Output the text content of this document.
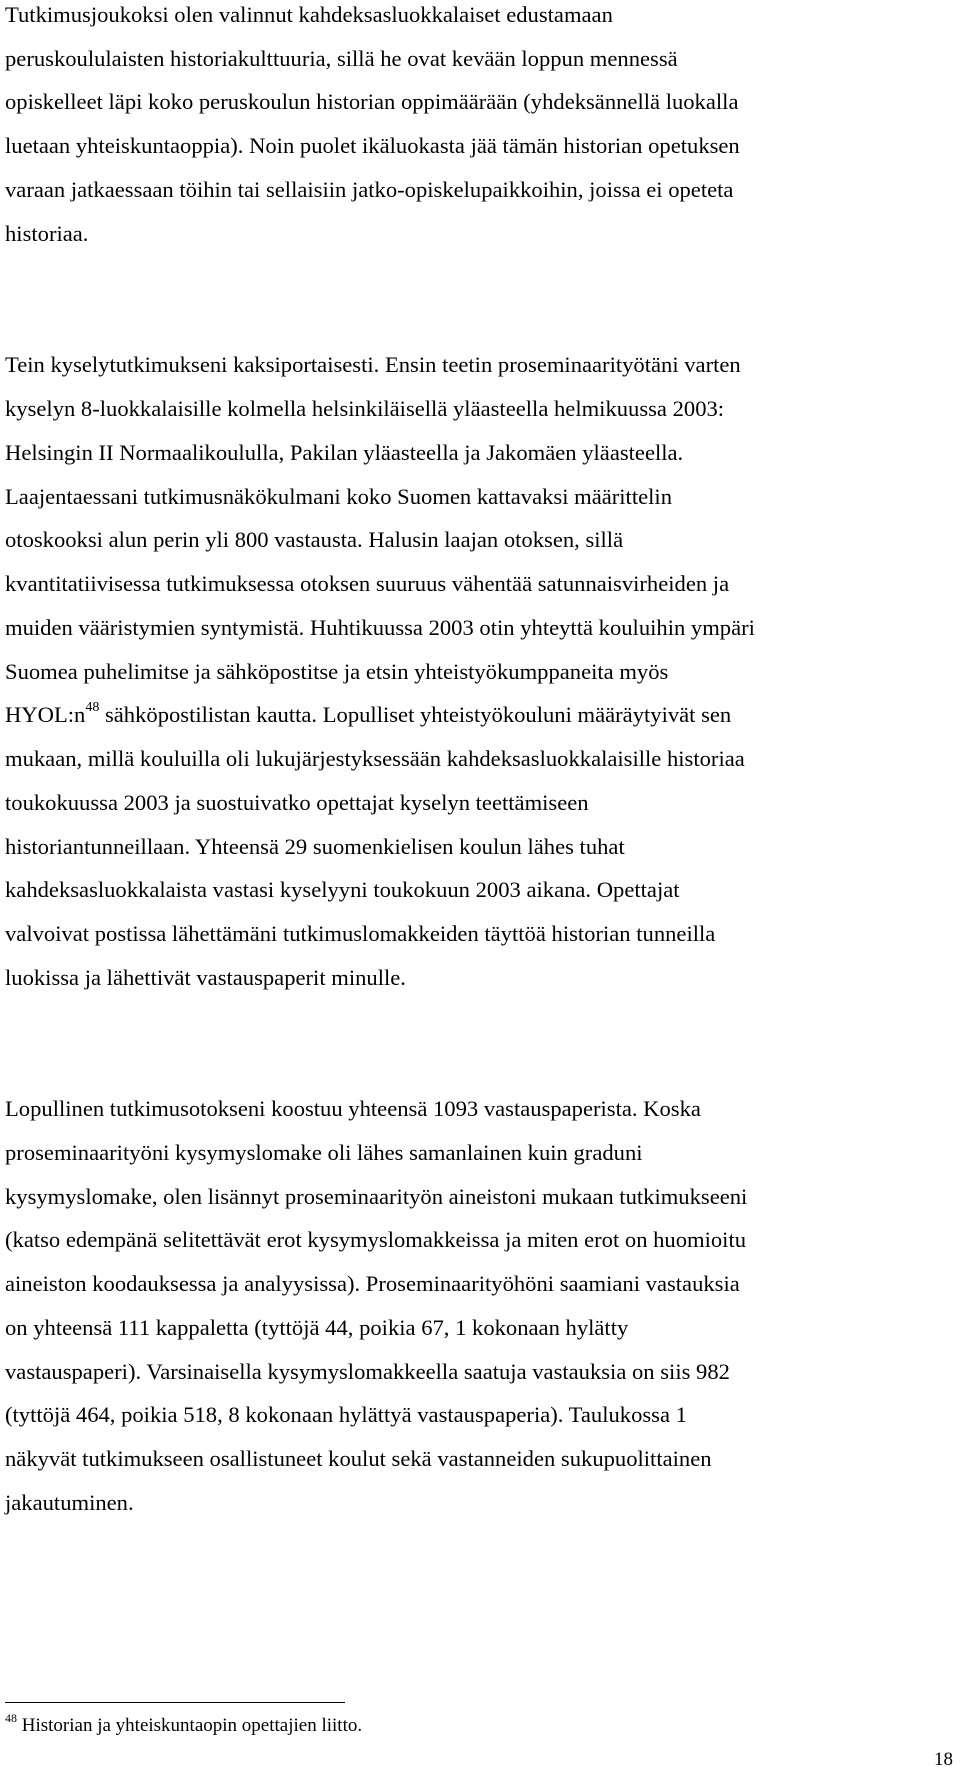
Tutkimusjoukoksi olen valinnut kahdeksasluokkalaiset edustamaan
peruskoululaisten historiakulttuuria, sillä he ovat kevään loppun mennessä
opiskelleet läpi koko peruskoulun historian oppimäärään (yhdeksännellä luokalla
luetaan yhteiskuntaoppia). Noin puolet ikäluokasta jää tämän historian opetuksen
varaan jatkaessaan töihin tai sellaisiin jatko-opiskelupaikkoihin, joissa ei opeteta
historiaa.
Tein kyselytutkimukseni kaksiportaisesti. Ensin teetin proseminaarityötäni varten
kyselyn 8-luokkalaisille kolmella helsinkiläisellä yläasteella helmikuussa 2003:
Helsingin II Normaalikoululla, Pakilan yläasteella ja Jakomäen yläasteella.
Laajentaessani tutkimusnäkökulmani koko Suomen kattavaksi määrittelin
otoskooksi alun perin yli 800 vastausta. Halusin laajan otoksen, sillä
kvantitatiivisessa tutkimuksessa otoksen suuruus vähentää satunnaisvirheiden ja
muiden vääristymien syntymistä. Huhtikuussa 2003 otin yhteyttä kouluihin ympäri
Suomea puhelimitse ja sähköpostitse ja etsin yhteistyökumppaneita myös
HYOL:n$^{48}$ sähköpostilistan kautta. Lopulliset yhteistyökouluni määräytyivät sen
mukaan, millä kouluilla oli lukujärjestyksessään kahdeksasluokkalaisille historiaa
toukokuussa 2003 ja suostuivatko opettajat kyselyn teettämiseen
historiantunneillaan. Yhteensä 29 suomenkielisen koulun lähes tuhat
kahdeksasluokkalaista vastasi kyselyyni toukokuun 2003 aikana. Opettajat
valvoivat postissa lähettämäni tutkimuslomakkeiden täyttöä historian tunneilla
luokissa ja lähettivät vastauspaperit minulle.
Lopullinen tutkimusotokseni koostuu yhteensä 1093 vastauspaperista. Koska
proseminaarityöni kysymyslomake oli lähes samanlainen kuin graduni
kysymyslomake, olen lisännyt proseminaarityön aineistoni mukaan tutkimukseeni
(katso edempänä selitettävät erot kysymyslomakkeissa ja miten erot on huomioitu
aineiston koodauksessa ja analyysissa). Proseminaarityöhöni saamiani vastauksia
on yhteensä 111 kappaletta (tyttöjä 44, poikia 67, 1 kokonaan hylätty
vastauspaperi). Varsinaisella kysymyslomakkeella saatuja vastauksia on siis 982
(tyttöjä 464, poikia 518, 8 kokonaan hylättyä vastauspaperia). Taulukossa 1
näkyvät tutkimukseen osallistuneet koulut sekä vastanneiden sukupuolittainen
jakautuminen.
$^{48}$ Historian ja yhteiskuntaopin opettajien liitto.
18
